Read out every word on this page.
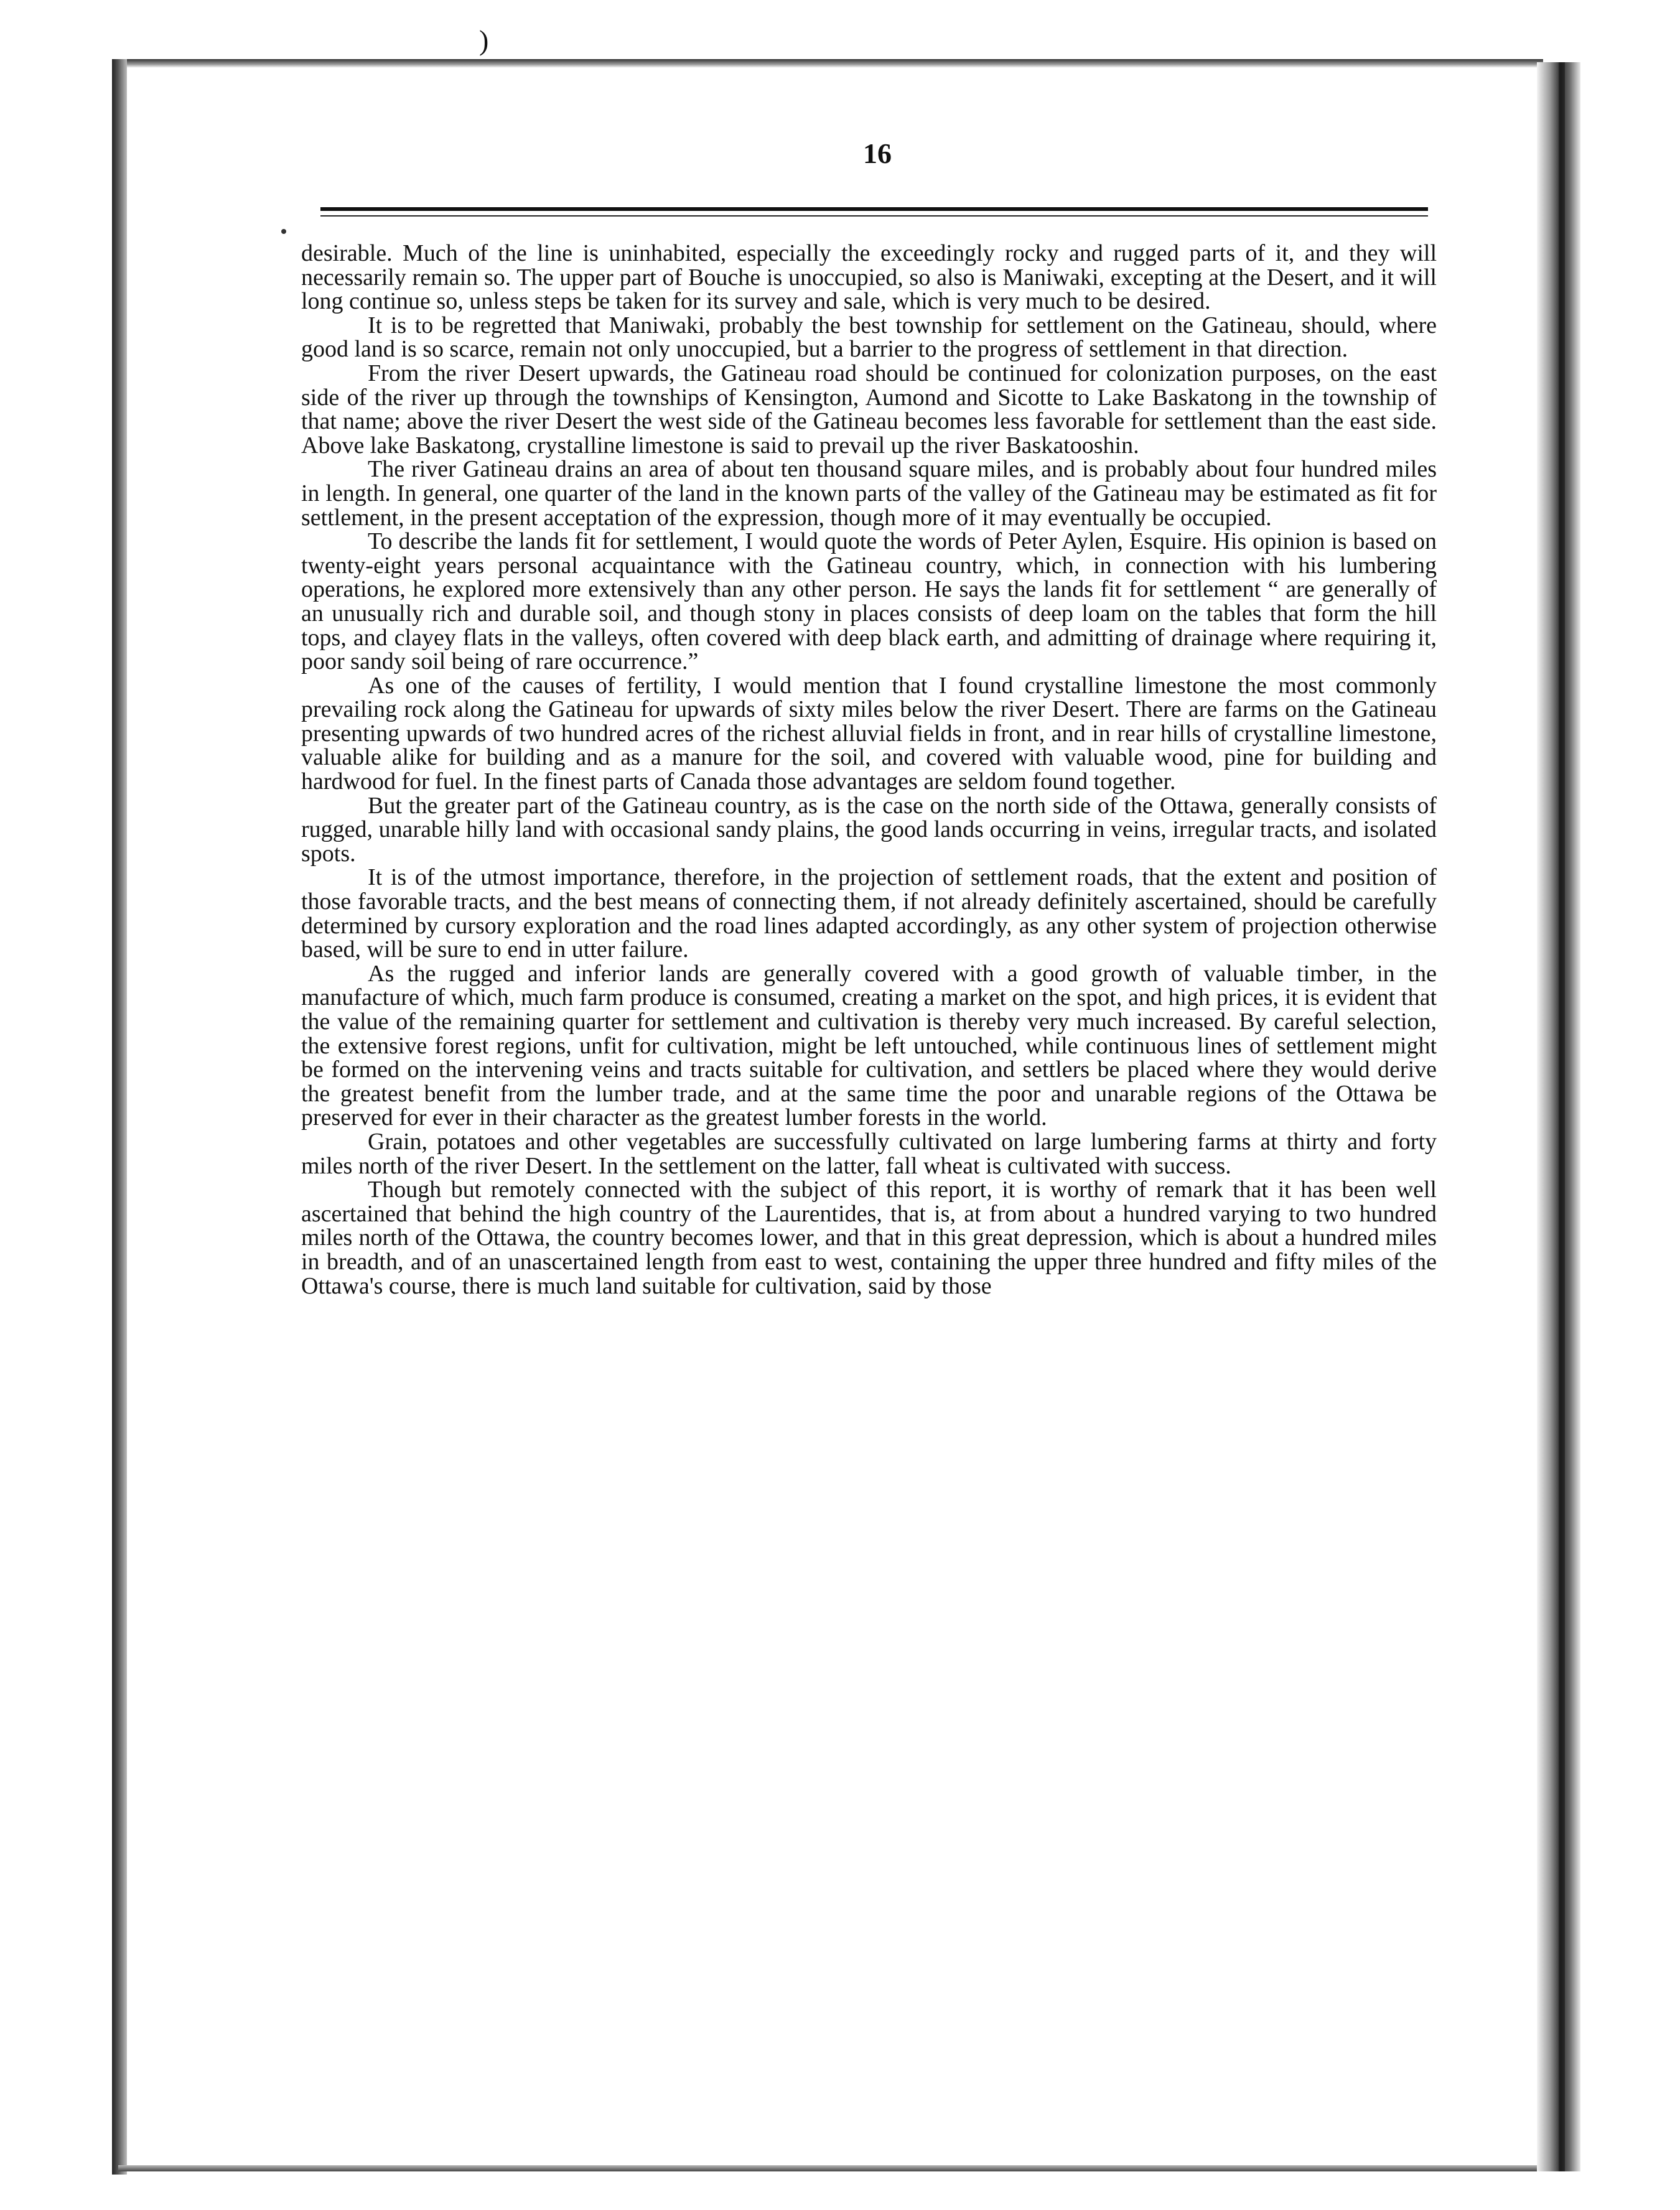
)
16

desirable. Much of the line is uninhabited, especially the exceedingly rocky and rugged parts of it, and they will necessarily remain so. The upper part of Bouche is unoccupied, so also is Maniwaki, excepting at the Desert, and it will long continue so, unless steps be taken for its survey and sale, which is very much to be desired.

It is to be regretted that Maniwaki, probably the best township for settlement on the Gatineau, should, where good land is so scarce, remain not only unoccupied, but a barrier to the progress of settlement in that direction.

From the river Desert upwards, the Gatineau road should be continued for colonization purposes, on the east side of the river up through the townships of Kensington, Aumond and Sicotte to Lake Baskatong in the township of that name; above the river Desert the west side of the Gatineau becomes less favorable for settlement than the east side. Above lake Baskatong, crystalline limestone is said to prevail up the river Baskatooshin.

The river Gatineau drains an area of about ten thousand square miles, and is probably about four hundred miles in length. In general, one quarter of the land in the known parts of the valley of the Gatineau may be estimated as fit for settlement, in the present acceptation of the expression, though more of it may eventually be occupied.

To describe the lands fit for settlement, I would quote the words of Peter Aylen, Esquire. His opinion is based on twenty-eight years personal acquaintance with the Gatineau country, which, in connection with his lumbering operations, he explored more extensively than any other person. He says the lands fit for settlement “ are generally of an unusually rich and durable soil, and though stony in places consists of deep loam on the tables that form the hill tops, and clayey flats in the valleys, often covered with deep black earth, and admitting of drainage where requiring it, poor sandy soil being of rare occurrence.”

As one of the causes of fertility, I would mention that I found crystalline limestone the most commonly prevailing rock along the Gatineau for upwards of sixty miles below the river Desert. There are farms on the Gatineau presenting upwards of two hundred acres of the richest alluvial fields in front, and in rear hills of crystalline limestone, valuable alike for building and as a manure for the soil, and covered with valuable wood, pine for building and hardwood for fuel. In the finest parts of Canada those advantages are seldom found together.

But the greater part of the Gatineau country, as is the case on the north side of the Ottawa, generally consists of rugged, unarable hilly land with occasional sandy plains, the good lands occurring in veins, irregular tracts, and isolated spots.

It is of the utmost importance, therefore, in the projection of settlement roads, that the extent and position of those favorable tracts, and the best means of connecting them, if not already definitely ascertained, should be carefully determined by cursory exploration and the road lines adapted accordingly, as any other system of projection otherwise based, will be sure to end in utter failure.

As the rugged and inferior lands are generally covered with a good growth of valuable timber, in the manufacture of which, much farm produce is consumed, creating a market on the spot, and high prices, it is evident that the value of the remaining quarter for settlement and cultivation is thereby very much increased. By careful selection, the extensive forest regions, unfit for cultivation, might be left untouched, while continuous lines of settlement might be formed on the intervening veins and tracts suitable for cultivation, and settlers be placed where they would derive the greatest benefit from the lumber trade, and at the same time the poor and unarable regions of the Ottawa be preserved for ever in their character as the greatest lumber forests in the world.

Grain, potatoes and other vegetables are successfully cultivated on large lumbering farms at thirty and forty miles north of the river Desert. In the settlement on the latter, fall wheat is cultivated with success.

Though but remotely connected with the subject of this report, it is worthy of remark that it has been well ascertained that behind the high country of the Laurentides, that is, at from about a hundred varying to two hundred miles north of the Ottawa, the country becomes lower, and that in this great depression, which is about a hundred miles in breadth, and of an unascertained length from east to west, containing the upper three hundred and fifty miles of the Ottawa's course, there is much land suitable for cultivation, said by those
